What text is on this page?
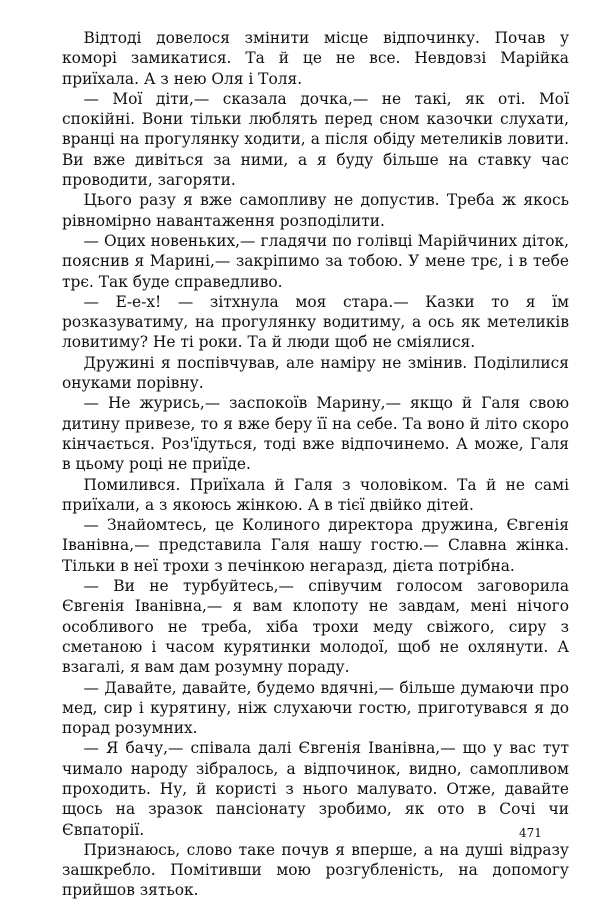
Відтоді довелося змінити місце відпочинку. Почав у коморі замикатися. Та й це не все. Невдовзі Марійка приїхала. А з нею Оля і Толя.

— Мої діти,— сказала дочка,— не такі, як оті. Мої спокійні. Вони тільки люблять перед сном казочки слухати, вранці на прогулянку ходити, а після обіду метеликів ловити. Ви вже дивіться за ними, а я буду більше на ставку час проводити, загоряти.

Цього разу я вже самопливу не допустив. Треба ж якось рівномірно навантаження розподілити.

— Оцих новеньких,— гладячи по голівці Марійчиних діток, пояснив я Марині,— закріпимо за тобою. У мене трє, і в тебе трє. Так буде справедливо.

— Е-е-х! — зітхнула моя стара.— Казки то я їм розказуватиму, на прогулянку водитиму, а ось як метеликів ловитиму? Не ті роки. Та й люди щоб не сміялися.

Дружині я поспівчував, але наміру не змінив. Поділилися онуками порівну.

— Не журись,— заспокоїв Марину,— якщо й Галя свою дитину привезе, то я вже беру її на себе. Та воно й літо скоро кінчається. Роз'їдуться, тоді вже відпочинемо. А може, Галя в цьому році не приїде.

Помилився. Приїхала й Галя з чоловіком. Та й не самі приїхали, а з якоюсь жінкою. А в тієї двійко дітей.

— Знайомтесь, це Колиного директора дружина, Євгенія Іванівна,— представила Галя нашу гостю.— Славна жінка. Тільки в неї трохи з печінкою негаразд, дієта потрібна.

— Ви не турбуйтесь,— співучим голосом заговорила Євгенія Іванівна,— я вам клопоту не завдам, мені нічого особливого не треба, хіба трохи меду свіжого, сиру з сметаною і часом курятинки молодої, щоб не охлянути. А взагалі, я вам дам розумну пораду.

— Давайте, давайте, будемо вдячні,— більше думаючи про мед, сир і курятину, ніж слухаючи гостю, приготувався я до порад розумних.

— Я бачу,— співала далі Євгенія Іванівна,— що у вас тут чимало народу зібралось, а відпочинок, видно, самопливом проходить. Ну, й користі з нього малувато. Отже, давайте щось на зразок пансіонату зробимо, як ото в Сочі чи Євпаторії.

Признаюсь, слово таке почув я вперше, а на душі відразу зашкребло. Помітивши мою розгубленість, на допомогу прийшов зятьок.

471
